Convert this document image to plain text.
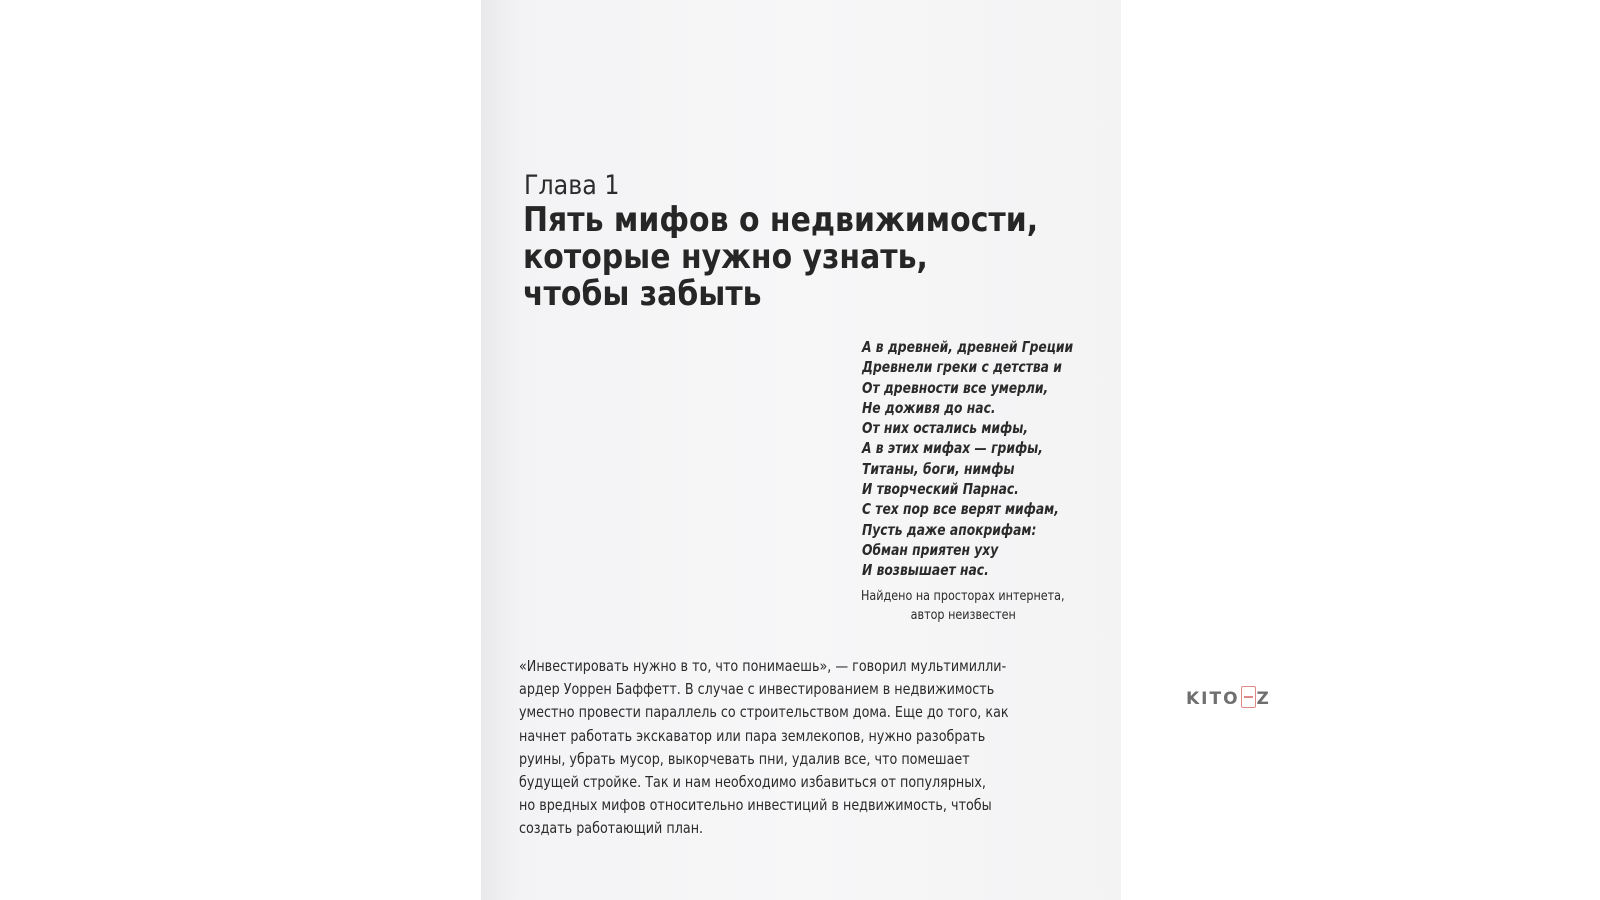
Глава 1
Пять мифов о недвижимости,
которые нужно узнать,
чтобы забыть
А в древней, древней Греции
Древнели греки с детства и
От древности все умерли,
Не доживя до нас.
От них остались мифы,
А в этих мифах — грифы,
Титаны, боги, нимфы
И творческий Парнас.
С тех пор все верят мифам,
Пусть даже апокрифам:
Обман приятен уху
И возвышает нас.
Найдено на просторах интернета,
автор неизвестен
«Инвестировать нужно в то, что понимаешь», — говорил мультимилли-
ардер Уоррен Баффетт. В случае с инвестированием в недвижимость
уместно провести параллель со строительством дома. Еще до того, как
начнет работать экскаватор или пара землекопов, нужно разобрать
руины, убрать мусор, выкорчевать пни, удалив все, что помешает
будущей стройке. Так и нам необходимо избавиться от популярных,
но вредных мифов относительно инвестиций в недвижимость, чтобы
создать работающий план.
KITO Z
